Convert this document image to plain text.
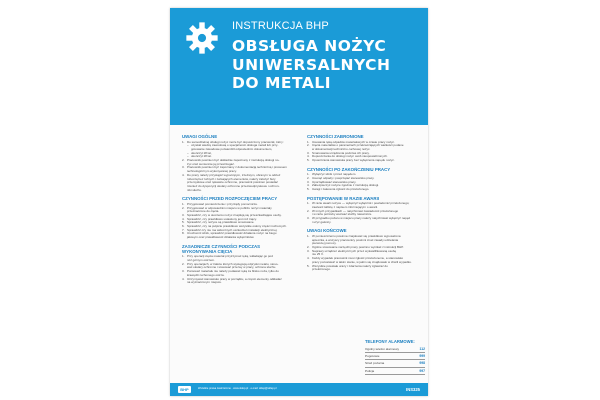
INSTRUKCJA BHP
OBSŁUGA NOŻYC
UNIWERSALNYCH
DO METALI
UWAGI OGÓLNE
1. Do samodzielnej obsługi nożyc może być dopuszczony pracownik, który:
– uzyskał wiedzę zawodową o specjalności obsługa metali lub przy-
gotowanie zawodowe potwierdził odpowiednim dokumentem,
– ukończył 18 lat,
– ukończył 18 lat.
2. Pracownik powinien być dokładnie zapoznany z instrukcją obsługi no-
życ oraz sumiennie ją przestrzegać.
3. Pracownik powinien być zapoznany z dokumentacją techniczną i procesem
technologicznym wykonywanej pracy.
4. Do pracy należy przystąpić wypoczętym, trzeźwym, ubranym w odzież
roboczą bez luźnych i zwisających elementów, należy założyć buty
przemysłowe oraz rękawice ochronne, pracownik powinien posiadać
również do dyspozycji okulary ochronne przeciwodpryskowe i ochron-
niki słuchu.
CZYNNOŚCI PRZED ROZPOCZĘCIEM PRACY
1. Przygotować pomieszczenie i przyrządy pomocnicze.
2. Przygotować w odpowiednim miejscu w pobliżu nożyc materiały
przeznaczone do cięcia.
3. Sprawdzić, czy w otoczeniu nożyc znajdują się przeszkadzające osoby.
4. Sprawdzić, czy prawidłowo ustawiony jest nóż tnący.
5. Sprawdzić, czy nożyce są prawidłowo smarowane.
6. Sprawdzić, czy na pulpicie prawidłowo wszystkie osłony części ruchomych.
7. Sprawdzić czy nie ma widocznych uszkodzeń instalacji elektrycznej.
8. Uruchomić silnik, sprawdzić prawidłowość działania nożyc na biegu
jałowym oraz prawidłowość działania wyłączników.
ZASADNICZE CZYNNOŚCI PODCZAS
WYKONYWANIA CIĘCIA
1. Przy operacji cięcia materiał przytrzymać ręką, wkładając go pod
nóż górnym ostrzem.
2. Przy operacjach, w trakcie których występują odpryski metalu, stoso-
wać okulary ochronne i stosować przerwy w pracy, ochrona słuchu.
3. Ponieważ materiału nie należy podawać ręką za blisko noża, tylko do
krawędzi ruchomego ostrza.
4. Utrzymywać stanowisko pracy w porządku, a części elementy odkładać
na wyznaczonym miejscu.
CZYNNOŚCI ZABRONIONE
1. Usuwania ręką odpadów materiałowych w czasie pracy nożyc.
2. Cięcia materiałów o parametrach przekraczających wielkości podane
w dokumentacji techniczno-ruchowej nożyc.
3. Smarowania urządzenia podczas ich pracy.
4. Dopuszczania do obsługi nożyc osób nieupoważnionych.
5. Opuszczania stanowiska pracy bez wyłączenia napędu nożyc.
CZYNNOŚCI PO ZAKOŃCZENIU PRACY
1. Wyłączyć silnik i przed napędem.
2. Usunąć odpady i posprzątać stanowisko pracy.
3. Uporządkować stanowisko pracy.
4. Zabezpieczyć nożyce zgodnie z instrukcją obsługi.
5. Uwagi i zalecenia zgłosić do przełożonego.
POSTĘPOWANIE W RAZIE AWARII
1. W razie awarii nożyce — wyłączyć wyłącznik i powiadomić przełożonego;
zawiesić tablicę z napisem informującym o awarii.
2. W innych przypadkach — natychmiast zawiadomić przełożonego
i w razie potrzeby wezwać służby ratownicze.
3. W przypadku pożaru w miejscu pracy należy natychmiast wyłączyć napęd
i użyć gaśnicy.
UWAGI KOŃCOWE
1. W pomieszczeniu powinna znajdować się prawidłowo wyposażona
apteczka, a wszyscy pracownicy powinni znać zasady udzielania
pierwszej pomocy.
2. Ogólne stosowanie narzędzi pracy powinno wynikać z instrukcji BHP.
3. Naprawy urządzeń elektrycznych przez wykwalifikowaną osobę
nie 25 V.
4. Każdy wypadek pracownik musi zgłosić przełożonemu, a stanowisko
pracy pozostawić w takim stanie, w jakim się znajdowało w chwili wypadku.
5. Wszystkie powstałe urazy i zdarzenia należy zgłaszać do
przełożonego.
TELEFONY ALARMOWE:
Ogólny telefon alarmowy	112
Pogotowie	999
Straż pożarna	998
Policja	997
BHP	Wszelkie prawa zastrzeżone · www.sklep.pl · e-mail: sklep@sklep.pl	INS325
